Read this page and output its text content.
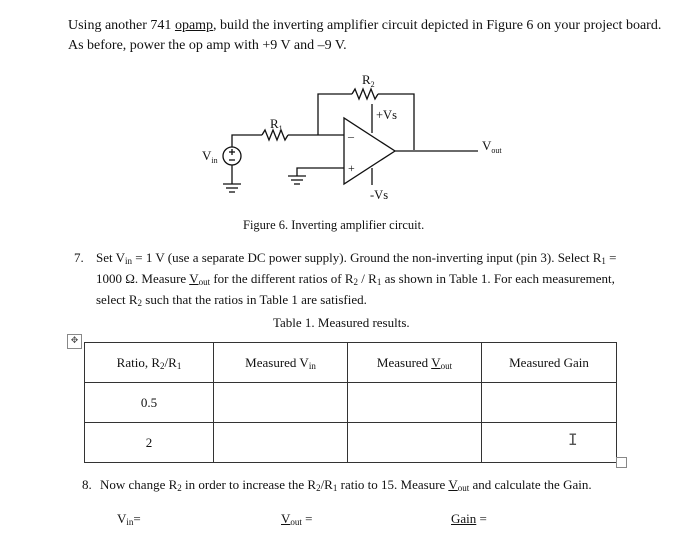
Using another 741 opamp, build the inverting amplifier circuit depicted in Figure 6 on your project board. As before, power the op amp with +9 V and –9 V.
$R_2$
$R_1$
+Vs
-Vs
$V_{out}$
$V_{in}$
–
+
Figure 6. Inverting amplifier circuit.
7. Set $V_{in} = 1$ V (use a separate DC power supply). Ground the non-inverting input (pin 3). Select $R_1 = 1000$ Ω. Measure $V_{out}$ for the different ratios of $R_2 / R_1$ as shown in Table 1. For each measurement, select $R_2$ such that the ratios in Table 1 are satisfied.
Table 1. Measured results.
✥
Ratio, $R_2/R_1$	Measured $V_{in}$	Measured $V_{out}$	Measured Gain
0.5			
2				I
8. Now change $R_2$ in order to increase the $R_2/R_1$ ratio to 15. Measure $V_{out}$ and calculate the Gain.
$V_{in}=$	$V_{out}$ =	Gain =
